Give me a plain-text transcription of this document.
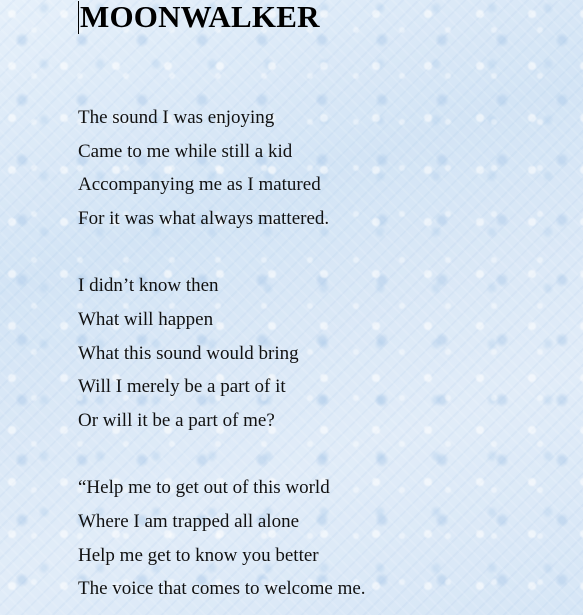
MOONWALKER
The sound I was enjoying
Came to me while still a kid
Accompanying me as I matured
For it was what always mattered.
I didn’t know then
What will happen
What this sound would bring
Will I merely be a part of it
Or will it be a part of me?
“Help me to get out of this world
Where I am trapped all alone
Help me get to know you better
The voice that comes to welcome me.
